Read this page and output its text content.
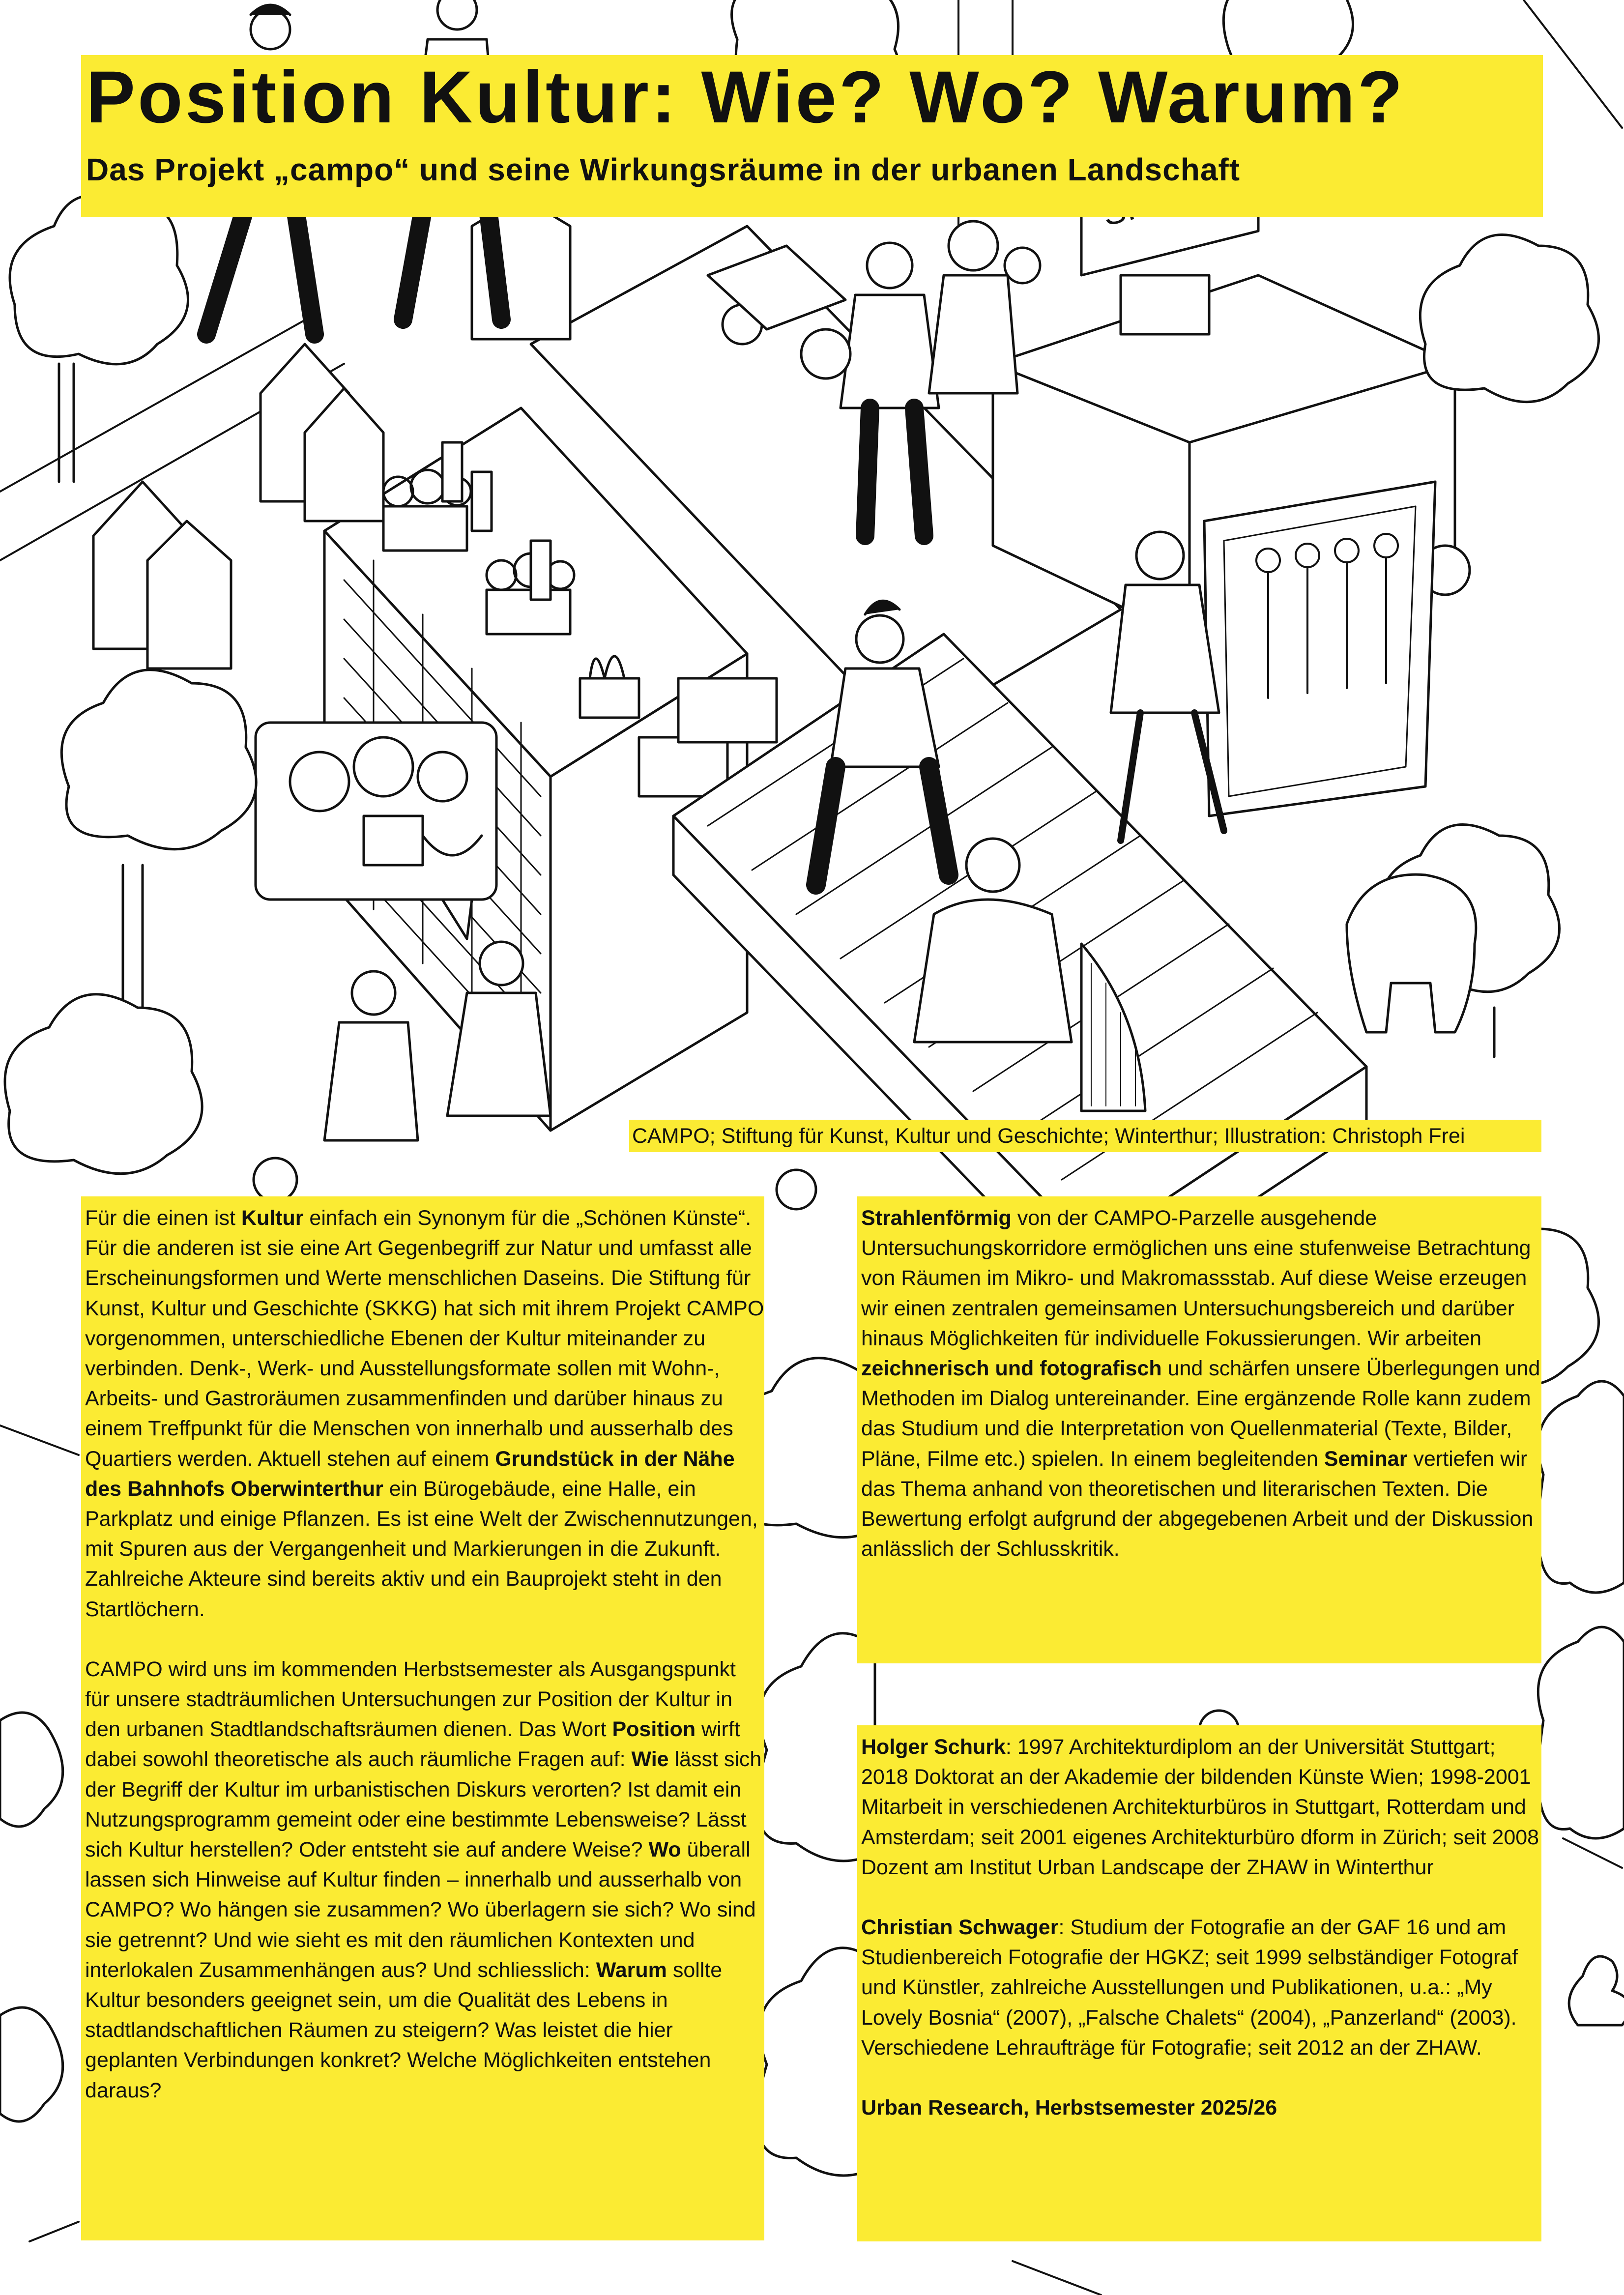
Position Kultur: Wie? Wo? Warum?
Das Projekt „campo“ und seine Wirkungsräume in der urbanen Landschaft
CAMPO; Stiftung für Kunst, Kultur und Geschichte; Winterthur; Illustration: Christoph Frei

Für die einen ist Kultur einfach ein Synonym für die „Schönen Künste“. Für die anderen ist sie eine Art Gegenbegriff zur Natur und umfasst alle Erscheinungsformen und Werte menschlichen Daseins. Die Stiftung für Kunst, Kultur und Geschichte (SKKG) hat sich mit ihrem Projekt CAMPO vorgenommen, unterschiedliche Ebenen der Kultur miteinander zu verbinden. Denk-, Werk- und Ausstellungsformate sollen mit Wohn-, Arbeits- und Gastroräumen zusammenfinden und darüber hinaus zu einem Treffpunkt für die Menschen von innerhalb und ausserhalb des Quartiers werden. Aktuell stehen auf einem Grundstück in der Nähe des Bahnhofs Oberwinterthur ein Bürogebäude, eine Halle, ein Parkplatz und einige Pflanzen. Es ist eine Welt der Zwischennutzungen, mit Spuren aus der Vergangenheit und Markierungen in die Zukunft. Zahlreiche Akteure sind bereits aktiv und ein Bauprojekt steht in den Startlöchern.

CAMPO wird uns im kommenden Herbstsemester als Ausgangspunkt für unsere stadträumlichen Untersuchungen zur Position der Kultur in den urbanen Stadtlandschaftsräumen dienen. Das Wort Position wirft dabei sowohl theoretische als auch räumliche Fragen auf: Wie lässt sich der Begriff der Kultur im urbanistischen Diskurs verorten? Ist damit ein Nutzungsprogramm gemeint oder eine bestimmte Lebensweise? Lässt sich Kultur herstellen? Oder entsteht sie auf andere Weise? Wo überall lassen sich Hinweise auf Kultur finden – innerhalb und ausserhalb von CAMPO? Wo hängen sie zusammen? Wo überlagern sie sich? Wo sind sie getrennt? Und wie sieht es mit den räumlichen Kontexten und interlokalen Zusammenhängen aus? Und schliesslich: Warum sollte Kultur besonders geeignet sein, um die Qualität des Lebens in stadtlandschaftlichen Räumen zu steigern? Was leistet die hier geplanten Verbindungen konkret? Welche Möglichkeiten entstehen daraus?

Strahlenförmig von der CAMPO-Parzelle ausgehende Untersuchungskorridore ermöglichen uns eine stufenweise Betrachtung von Räumen im Mikro- und Makromassstab. Auf diese Weise erzeugen wir einen zentralen gemeinsamen Untersuchungsbereich und darüber hinaus Möglichkeiten für individuelle Fokussierungen. Wir arbeiten zeichnerisch und fotografisch und schärfen unsere Überlegungen und Methoden im Dialog untereinander. Eine ergänzende Rolle kann zudem das Studium und die Interpretation von Quellenmaterial (Texte, Bilder, Pläne, Filme etc.) spielen. In einem begleitenden Seminar vertiefen wir das Thema anhand von theoretischen und literarischen Texten. Die Bewertung erfolgt aufgrund der abgegebenen Arbeit und der Diskussion anlässlich der Schlusskritik.

Holger Schurk: 1997 Architekturdiplom an der Universität Stuttgart; 2018 Doktorat an der Akademie der bildenden Künste Wien; 1998-2001 Mitarbeit in verschiedenen Architekturbüros in Stuttgart, Rotterdam und Amsterdam; seit 2001 eigenes Architekturbüro dform in Zürich; seit 2008 Dozent am Institut Urban Landscape der ZHAW in Winterthur

Christian Schwager: Studium der Fotografie an der GAF 16 und am Studienbereich Fotografie der HGKZ; seit 1999 selbständiger Fotograf und Künstler, zahlreiche Ausstellungen und Publikationen, u.a.: „My Lovely Bosnia“ (2007), „Falsche Chalets“ (2004), „Panzerland“ (2003). Verschiedene Lehraufträge für Fotografie; seit 2012 an der ZHAW.

Urban Research, Herbstsemester 2025/26
